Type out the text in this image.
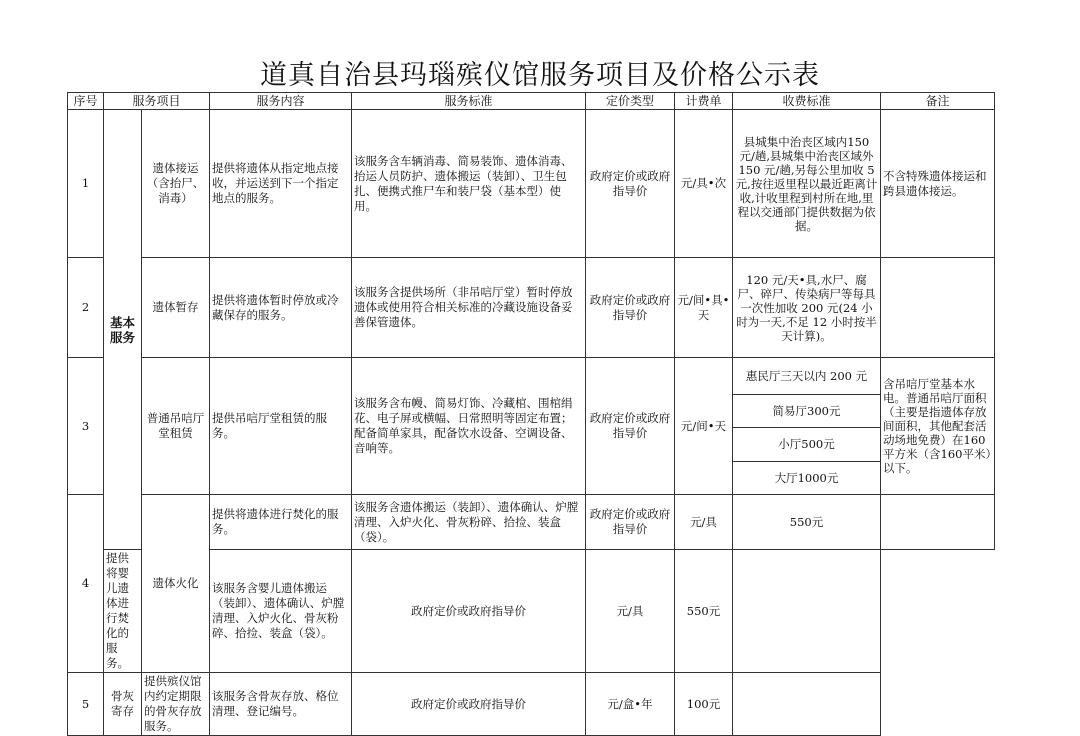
道真自治县玛瑙殡仪馆服务项目及价格公示表
序号	服务项目		服务内容	服务标准	定价类型	计费单	收费标准	备注
1	基本服务	遗体接运（含抬尸、消毒）	提供将遗体从指定地点接收，并运送到下一个指定地点的服务。	该服务含车辆消毒、简易装饰、遗体消毒、抬运人员防护、遗体搬运（装卸）、卫生包扎、便携式推尸车和装尸袋（基本型）使用。	政府定价或政府指导价	元/具•次	县城集中治丧区域内150 元/趟,县城集中治丧区域外150 元/趟,另每公里加收 5 元,按往返里程以最近距离计收,计收里程到村所在地,里程以交通部门提供数据为依据。	不含特殊遗体接运和跨县遗体接运。
2		遗体暂存	提供将遗体暂时停放或冷藏保存的服务。	该服务含提供场所（非吊唁厅堂）暂时停放遗体或使用符合相关标准的冷藏设施设备妥善保管遗体。	政府定价或政府指导价	元/间•具•天	120 元/天•具,水尸、腐尸、碎尸、传染病尸等每具一次性加收 200 元(24 小时为一天,不足 12 小时按半天计算)。	
3		普通吊唁厅堂租赁	提供吊唁厅堂租赁的服务。	该服务含布幔、简易灯饰、冷藏棺、围棺绢花、电子屏或横幅、日常照明等固定布置；配备简单家具，配备饮水设备、空调设备、音响等。	政府定价或政府指导价	元/间•天	惠民厅三天以内 200 元	含吊唁厅堂基本水电。普通吊唁厅面积（主要是指遗体存放间面积，其他配套活动场地免费）在160平方米（含160平米）以下。
							简易厅300元	
							小厅500元	
							大厅1000元	
4		遗体火化	提供将遗体进行焚化的服务。	该服务含遗体搬运（装卸）、遗体确认、炉膛清理、入炉火化、骨灰粉碎、拾捡、装盒（袋）。	政府定价或政府指导价	元/具	550元	
	提供将婴儿遗体进行焚化的服务。		该服务含婴儿遗体搬运（装卸）、遗体确认、炉膛清理、入炉火化、骨灰粉碎、拾捡、装盒（袋）。	政府定价或政府指导价	元/具	550元		
5	骨灰寄存	提供殡仪馆内约定期限的骨灰存放服务。	该服务含骨灰存放、格位清理、登记编号。	政府定价或政府指导价	元/盒•年	100元		
